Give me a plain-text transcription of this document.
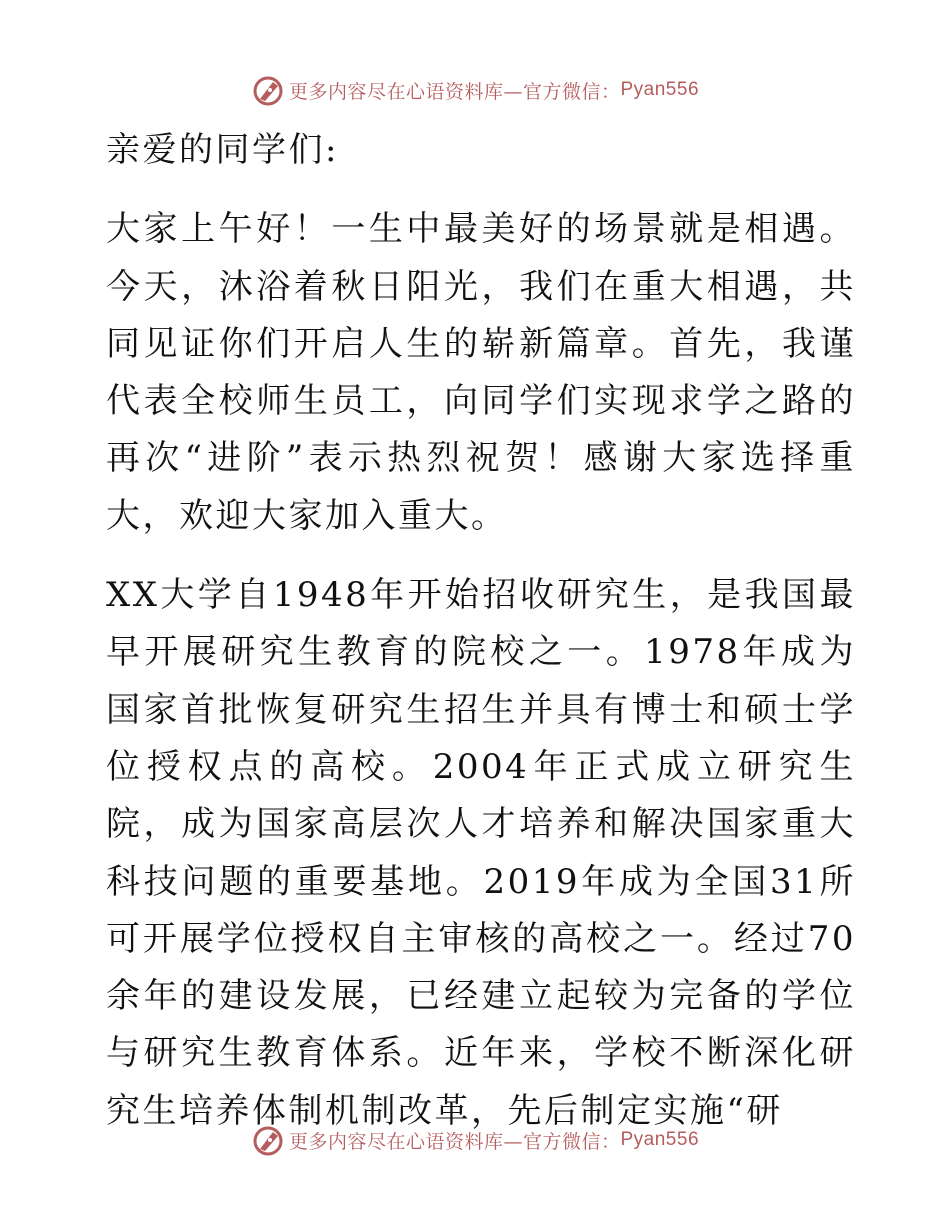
更多内容尽在心语资料库—官方微信： Pyan556

亲爱的同学们:

大家上午好！一生中最美好的场景就是相遇。今天，沐浴着秋日阳光，我们在重大相遇，共同见证你们开启人生的崭新篇章。首先，我谨代表全校师生员工，向同学们实现求学之路的再次“进阶”表示热烈祝贺！感谢大家选择重大，欢迎大家加入重大。

XX大学自1948年开始招收研究生，是我国最早开展研究生教育的院校之一。1978年成为国家首批恢复研究生招生并具有博士和硕士学位授权点的高校。2004年正式成立研究生院，成为国家高层次人才培养和解决国家重大科技问题的重要基地。2019年成为全国31所可开展学位授权自主审核的高校之一。经过70余年的建设发展，已经建立起较为完备的学位与研究生教育体系。近年来，学校不断深化研究生培养体制机制改革，先后制定实施“研

更多内容尽在心语资料库—官方微信： Pyan556
